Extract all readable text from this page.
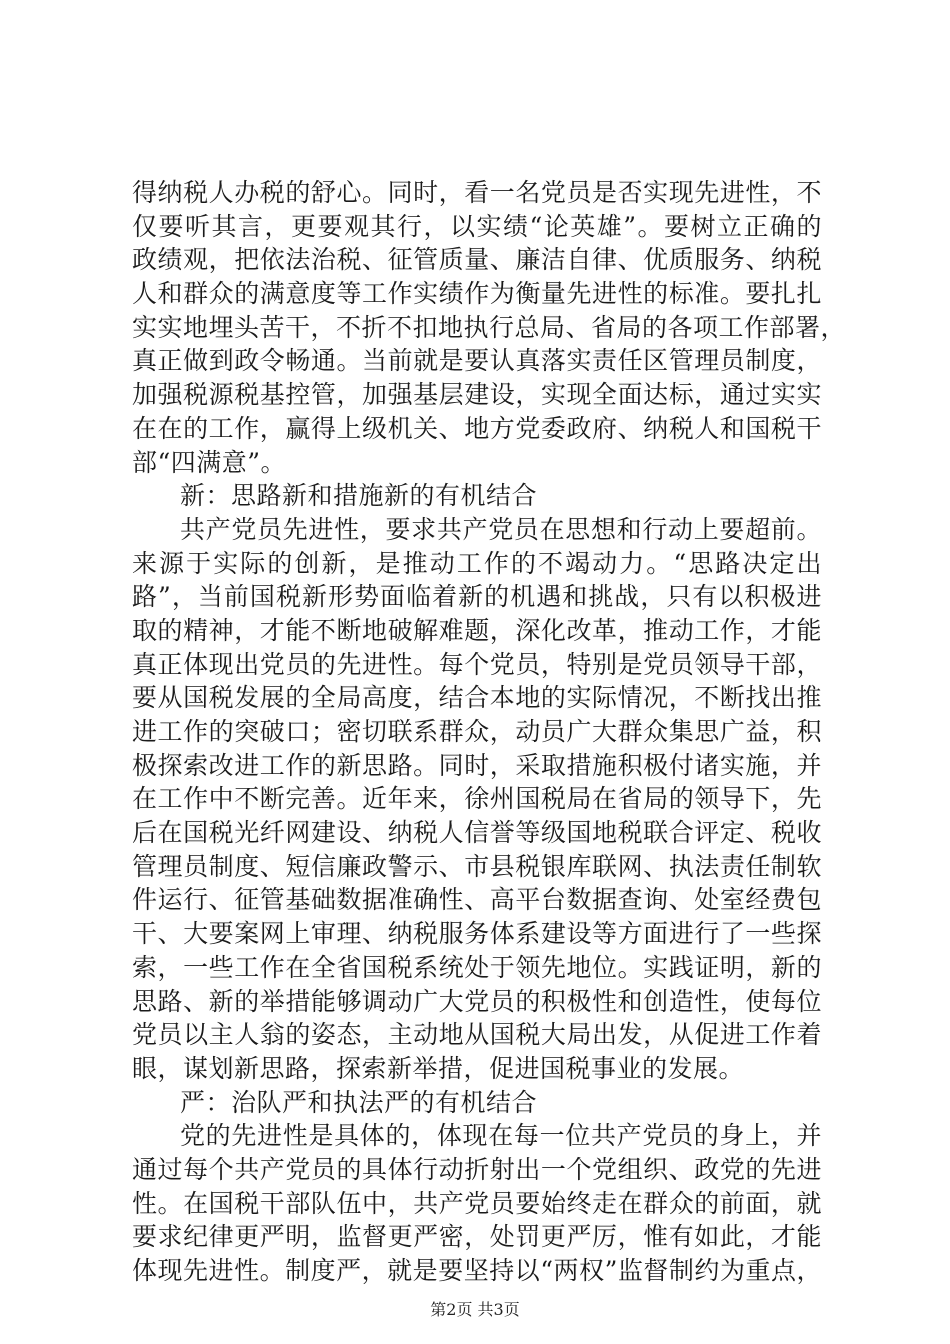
得纳税人办税的舒心。同时，看一名党员是否实现先进性，不
仅要听其言，更要观其行，以实绩“论英雄”。要树立正确的
政绩观，把依法治税、征管质量、廉洁自律、优质服务、纳税
人和群众的满意度等工作实绩作为衡量先进性的标准。要扎扎
实实地埋头苦干，不折不扣地执行总局、省局的各项工作部署，
真正做到政令畅通。当前就是要认真落实责任区管理员制度，
加强税源税基控管，加强基层建设，实现全面达标，通过实实
在在的工作，赢得上级机关、地方党委政府、纳税人和国税干
部“四满意”。
新：思路新和措施新的有机结合
共产党员先进性，要求共产党员在思想和行动上要超前。
来源于实际的创新，是推动工作的不竭动力。“思路决定出
路”，当前国税新形势面临着新的机遇和挑战，只有以积极进
取的精神，才能不断地破解难题，深化改革，推动工作，才能
真正体现出党员的先进性。每个党员，特别是党员领导干部，
要从国税发展的全局高度，结合本地的实际情况，不断找出推
进工作的突破口；密切联系群众，动员广大群众集思广益，积
极探索改进工作的新思路。同时，采取措施积极付诸实施，并
在工作中不断完善。近年来，徐州国税局在省局的领导下，先
后在国税光纤网建设、纳税人信誉等级国地税联合评定、税收
管理员制度、短信廉政警示、市县税银库联网、执法责任制软
件运行、征管基础数据准确性、高平台数据查询、处室经费包
干、大要案网上审理、纳税服务体系建设等方面进行了一些探
索，一些工作在全省国税系统处于领先地位。实践证明，新的
思路、新的举措能够调动广大党员的积极性和创造性，使每位
党员以主人翁的姿态，主动地从国税大局出发，从促进工作着
眼，谋划新思路，探索新举措，促进国税事业的发展。
严：治队严和执法严的有机结合
党的先进性是具体的，体现在每一位共产党员的身上，并
通过每个共产党员的具体行动折射出一个党组织、政党的先进
性。在国税干部队伍中，共产党员要始终走在群众的前面，就
要求纪律更严明，监督更严密，处罚更严厉，惟有如此，才能
体现先进性。制度严，就是要坚持以“两权”监督制约为重点，
第2页 共3页
